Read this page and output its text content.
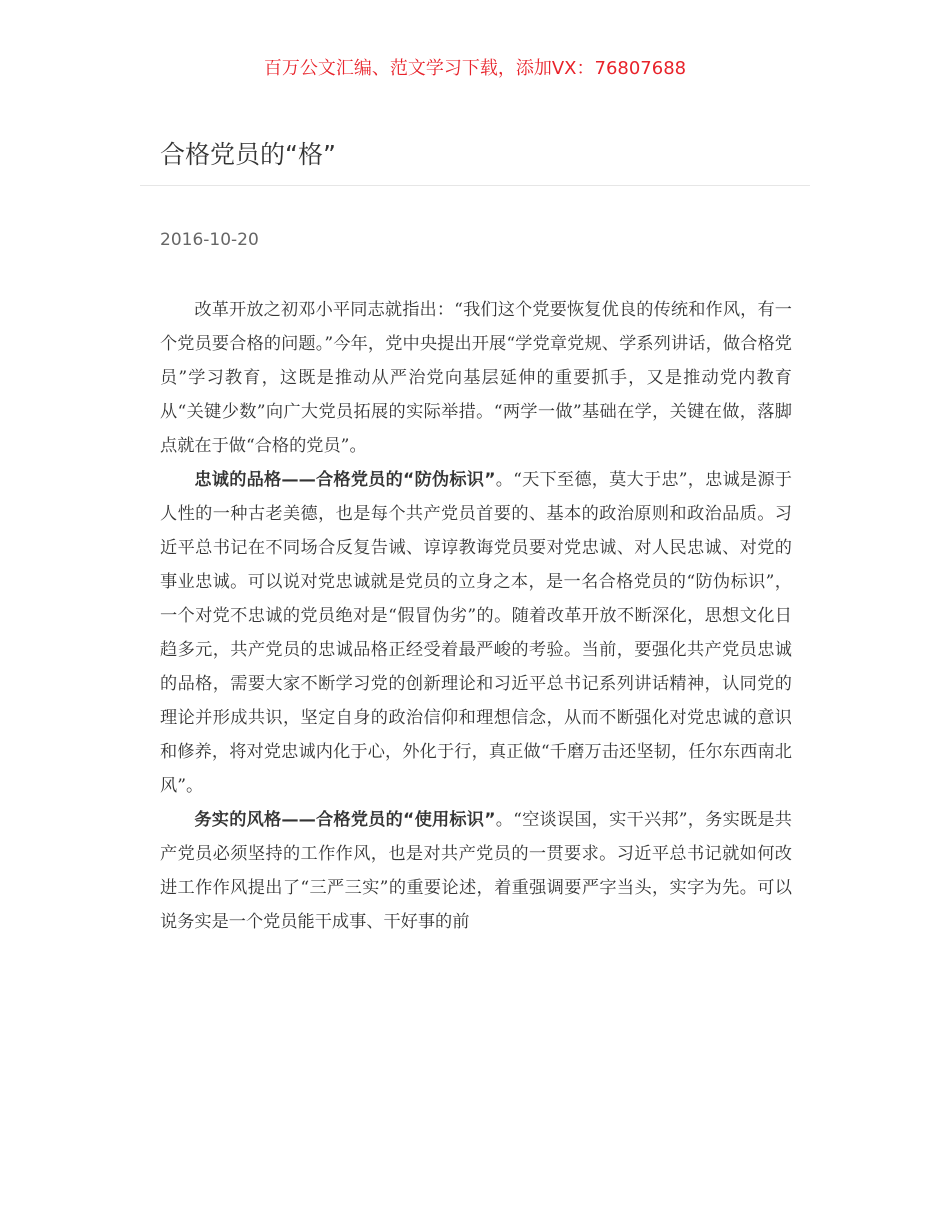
百万公文汇编、范文学习下载，添加VX：76807688
合格党员的“格”
2016-10-20

改革开放之初邓小平同志就指出：“我们这个党要恢复优良的传统和作风，有一个党员要合格的问题。”今年，党中央提出开展“学党章党规、学系列讲话，做合格党员”学习教育，这既是推动从严治党向基层延伸的重要抓手，又是推动党内教育从“关键少数”向广大党员拓展的实际举措。“两学一做”基础在学，关键在做，落脚点就在于做“合格的党员”。

忠诚的品格——合格党员的“防伪标识”。“天下至德，莫大于忠”，忠诚是源于人性的一种古老美德，也是每个共产党员首要的、基本的政治原则和政治品质。习近平总书记在不同场合反复告诫、谆谆教诲党员要对党忠诚、对人民忠诚、对党的事业忠诚。可以说对党忠诚就是党员的立身之本，是一名合格党员的“防伪标识”，一个对党不忠诚的党员绝对是“假冒伪劣”的。随着改革开放不断深化，思想文化日趋多元，共产党员的忠诚品格正经受着最严峻的考验。当前，要强化共产党员忠诚的品格，需要大家不断学习党的创新理论和习近平总书记系列讲话精神，认同党的理论并形成共识，坚定自身的政治信仰和理想信念，从而不断强化对党忠诚的意识和修养，将对党忠诚内化于心，外化于行，真正做“千磨万击还坚韧，任尔东西南北风”。

务实的风格——合格党员的“使用标识”。“空谈误国，实干兴邦”，务实既是共产党员必须坚持的工作作风，也是对共产党员的一贯要求。习近平总书记就如何改进工作作风提出了“三严三实”的重要论述，着重强调要严字当头，实字为先。可以说务实是一个党员能干成事、干好事的前
